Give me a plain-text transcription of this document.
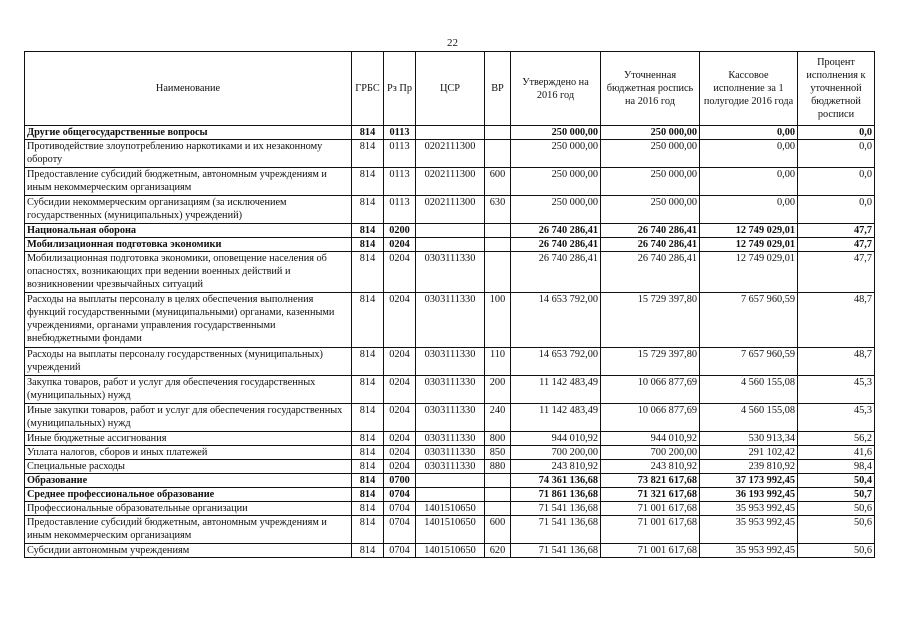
22
Наименование	ГРБС	Рз Пр	ЦСР	ВР	Утверждено на 2016 год	Уточненная бюджетная роспись на 2016 год	Кассовое исполнение за 1 полугодие 2016 года	Процент исполнения к уточненной бюджетной росписи
Другие общегосударственные вопросы	814	0113			250 000,00	250 000,00	0,00	0,0
Противодействие злоупотреблению наркотиками и их незаконному обороту	814	0113	0202111300		250 000,00	250 000,00	0,00	0,0
Предоставление субсидий бюджетным, автономным учреждениям и иным некоммерческим организациям	814	0113	0202111300	600	250 000,00	250 000,00	0,00	0,0
Субсидии некоммерческим организациям (за исключением государственных (муниципальных) учреждений)	814	0113	0202111300	630	250 000,00	250 000,00	0,00	0,0
Национальная оборона	814	0200			26 740 286,41	26 740 286,41	12 749 029,01	47,7
Мобилизационная подготовка экономики	814	0204			26 740 286,41	26 740 286,41	12 749 029,01	47,7
Мобилизационная подготовка экономики, оповещение населения об опасностях, возникающих при ведении военных действий и возникновении чрезвычайных ситуаций	814	0204	0303111330		26 740 286,41	26 740 286,41	12 749 029,01	47,7
Расходы на выплаты персоналу в целях обеспечения выполнения функций государственными (муниципальными) органами, казенными учреждениями, органами управления государственными внебюджетными фондами	814	0204	0303111330	100	14 653 792,00	15 729 397,80	7 657 960,59	48,7
Расходы на выплаты персоналу государственных (муниципальных) учреждений	814	0204	0303111330	110	14 653 792,00	15 729 397,80	7 657 960,59	48,7
Закупка товаров, работ и услуг для обеспечения государственных (муниципальных) нужд	814	0204	0303111330	200	11 142 483,49	10 066 877,69	4 560 155,08	45,3
Иные закупки товаров, работ и услуг для обеспечения государственных (муниципальных) нужд	814	0204	0303111330	240	11 142 483,49	10 066 877,69	4 560 155,08	45,3
Иные бюджетные ассигнования	814	0204	0303111330	800	944 010,92	944 010,92	530 913,34	56,2
Уплата налогов, сборов и иных платежей	814	0204	0303111330	850	700 200,00	700 200,00	291 102,42	41,6
Специальные расходы	814	0204	0303111330	880	243 810,92	243 810,92	239 810,92	98,4
Образование	814	0700			74 361 136,68	73 821 617,68	37 173 992,45	50,4
Среднее профессиональное образование	814	0704			71 861 136,68	71 321 617,68	36 193 992,45	50,7
Профессиональные образовательные организации	814	0704	1401510650		71 541 136,68	71 001 617,68	35 953 992,45	50,6
Предоставление субсидий бюджетным, автономным учреждениям и иным некоммерческим организациям	814	0704	1401510650	600	71 541 136,68	71 001 617,68	35 953 992,45	50,6
Субсидии автономным учреждениям	814	0704	1401510650	620	71 541 136,68	71 001 617,68	35 953 992,45	50,6
